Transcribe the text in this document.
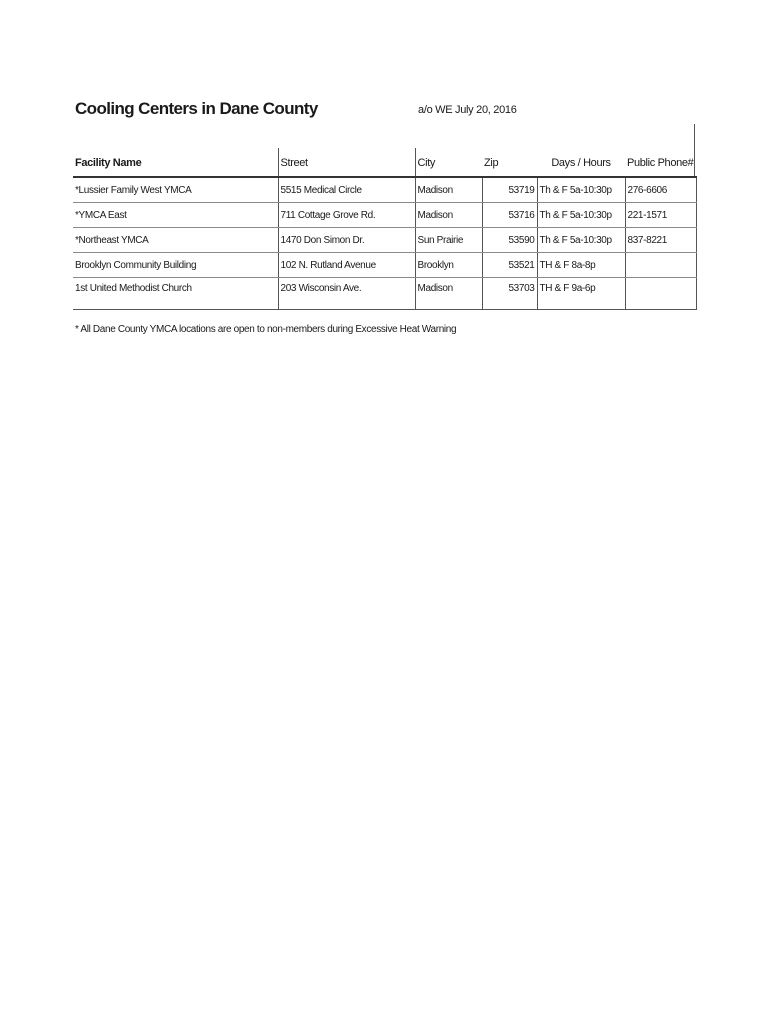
Cooling Centers in Dane County	a/o WE July 20, 2016
Facility Name	Street	City	Zip	Days / Hours	Public Phone#
*Lussier Family West YMCA	5515 Medical Circle	Madison	53719	Th & F 5a-10:30p	276-6606
*YMCA East	711 Cottage Grove Rd.	Madison	53716	Th & F 5a-10:30p	221-1571
*Northeast YMCA	1470 Don Simon Dr.	Sun Prairie	53590	Th & F 5a-10:30p	837-8221
Brooklyn Community Building	102 N. Rutland Avenue	Brooklyn	53521	TH & F 8a-8p	
1st United Methodist Church	203 Wisconsin Ave.	Madison	53703	TH & F 9a-6p	
* All Dane County YMCA locations are open to non-members during Excessive Heat Warning
